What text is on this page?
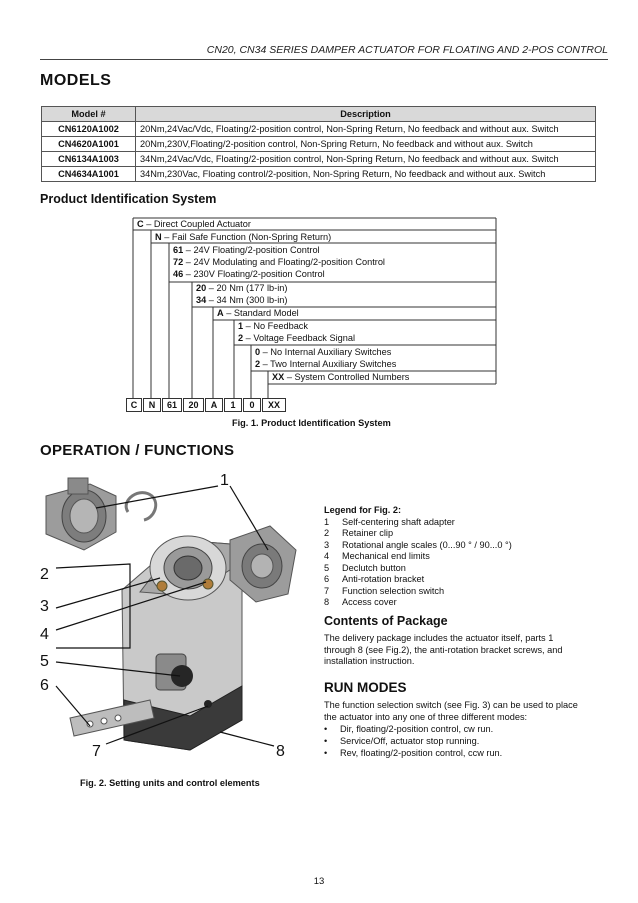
CN20, CN34 SERIES DAMPER ACTUATOR FOR FLOATING AND 2-POS CONTROL
MODELS
Model #	Description
CN6120A1002	20Nm,24Vac/Vdc, Floating/2-position control, Non-Spring Return, No feedback and without aux. Switch
CN4620A1001	20Nm,230V,Floating/2-position control, Non-Spring Return, No feedback and without aux. Switch
CN6134A1003	34Nm,24Vac/Vdc, Floating/2-position control, Non-Spring Return, No feedback and without aux. Switch
CN4634A1001	34Nm,230Vac, Floating control/2-position, Non-Spring Return, No feedback and without aux. Switch
Product Identification System
C – Direct Coupled Actuator
N – Fail Safe Function (Non-Spring Return)
61 – 24V Floating/2-position Control
72 – 24V Modulating and Floating/2-position Control
46 – 230V Floating/2-position Control
20 – 20 Nm (177 lb-in)
34 – 34 Nm (300 lb-in)
A – Standard Model
1 – No Feedback
2 – Voltage Feedback Signal
0 – No Internal Auxiliary Switches
2 – Two Internal Auxiliary Switches
XX – System Controlled Numbers
C	N	61	20	A	1	0	XX
Fig. 1. Product Identification System
OPERATION / FUNCTIONS
1
2
3
4
5
6
7	8
Fig. 2. Setting units and control elements
Legend for Fig. 2:
1 Self-centering shaft adapter
2 Retainer clip
3 Rotational angle scales (0...90 ° / 90...0 °)
4 Mechanical end limits
5 Declutch button
6 Anti-rotation bracket
7 Function selection switch
8 Access cover
Contents of Package
The delivery package includes the actuator itself, parts 1 through 8 (see Fig.2), the anti-rotation bracket screws, and installation instruction.
RUN MODES
The function selection switch (see Fig. 3) can be used to place the actuator into any one of three different modes:
• Dir, floating/2-position control, cw run.
• Service/Off, actuator stop running.
• Rev, floating/2-position control, ccw run.
13
